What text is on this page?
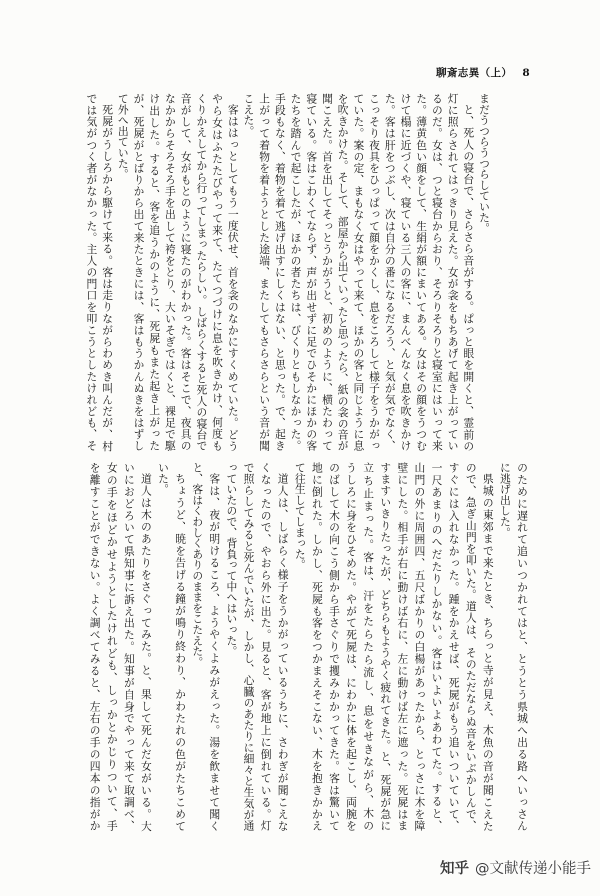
聊斎志異（上） 8
まだうつらうつらしていた。
と、死人の寝台で、さらさら音がする。ぱっと眼を開くと、霊前の
灯に照らされてはっきり見えた。女が衾をもちあげて起き上がってい
るのだ。女は、つと寝台からおり、そろりそろりと寝室にはいって来
た。薄黄色い顔をして、生絹が額にまいてある。女はその顔をうつむ
けて榻に近づくや、寝ている三人の客に、まんべんなく息を吹きかけ
た。客は肝をつぶし、次は自分の番になるだろう、と気が気でなく、
こっそり夜具をひっぱって顔をかくし、息をころして様子をうかがっ
ていた。案の定、まもなく女はやって来て、ほかの客と同じように息
を吹きかけた。そして、部屋から出ていったと思ったら、紙の衾の音が
聞こえた。首を出してそっとうかがうと、初めのように、横たわって
寝ている。客はこわくてならず、声が出せずに足でひそかにほかの客
たちを踏んで起こしたが、ほかの者たちは、びくりともしなかった。
手段もなく、着物を着て逃げ出すにしくはない、と思った。で、起き
上がって着物を着ようとした途端、またしてもさらさらという音が聞
こえた。
客ははっとしてもう一度伏せ、首を衾のなかにすくめていた。どう
やら女はふたたびやって来て、たてつづけに息を吹きかけ、何度も
くりかえしてから行ってしまったらしい。しばらくすると死人の寝台で
音がして、女がもとのように寝たのがわかった。客はそこで、夜具の
なかからそろそろ手を出して袴をとり、大いそぎではくと、裸足で駆
け出した。すると、客を追うかのように、死屍もまた起き上がった
が、死屍がとばりから出て来たときには、客はもうかんぬきをはずし
て外へ出ていた。
死屍がうしろから駆けて来る。客は走りながらわめき叫んだが、村
では気がつく者がなかった。主人の門口を叩こうとしたけれども、そ
のために遅れて追いつかれてはと、とうとう県城へ出る路へいっさん
に逃げ出した。
県城の東郊まで来たとき、ちらっと寺が見え、木魚の音が聞こえた
ので、急ぎ山門を叩いた。道人は、そのただならぬ音をいぶかしんで、
すぐには入れなかった。踵をかえせば、死屍がもう追いついていて、
一尺あまりのへだたりしかない。客はいよいよあわてた。すると、
山門の外に周囲四、五尺ばかりの白楊があったから、とっさに木を障
壁にした。相手が右に動けば右に、左に動けば左に遮った。死屍はま
すますいきりたったが、どちらもようやく疲れてきた。と、死屍が急に
立ち止まった。客は、汗をたらたら流し、息をせきながら、木の
うしろに身をひそめた。やがて死屍は、にわかに体を起こし、両腕を
のばして木の向こう側から手さぐりで攫みかかってきた。客は驚いて
地に倒れた。しかし、死屍も客をつかまえそこない、木を抱きかかえ
て往生してしまった。
道人は、しばらく様子をうかがっているうちに、さわぎが聞こえな
くなったので、やおら外に出た。見ると、客が地上に倒れている。灯
で照らしてみると死んでいたが、しかし、心臓のあたりに細々と生気が通
っていたので、背負って中へはいった。
客は、夜が明けるころ、ようやくよみがえった。湯を飲ませて聞く
と、客はくわしくありのままをこたえた。
ちょうど、暁を告げる鐘が鳴り終わり、かわたれの色がたちこめて
いた。
道人は木のあたりをさぐってみた。と、果して死んだ女がいる。大
いにおどろいて県知事に訴え出た。知事が自身でやって来て取調べ、
女の手をほどかせようとしたけれども、しっかとかじりついて、手
を離すことができない。よく調べてみると、左右の手の四本の指がか
知乎 @文献传递小能手
